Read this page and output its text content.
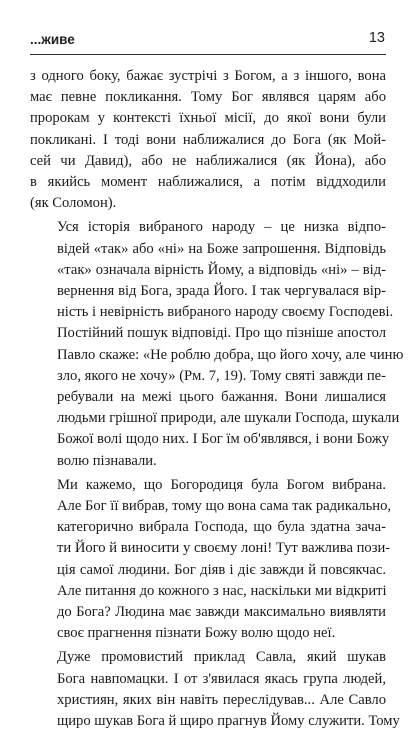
...живе	13

з одного боку, бажає зустрічі з Богом, а з іншого, вона
має певне покликання. Тому Бог являвся царям або
пророкам у контексті їхньої місії, до якої вони були
покликані. І тоді вони наближалися до Бога (як Мой-
сей чи Давид), або не наближалися (як Йона), або
в якийсь момент наближалися, а потім віддходили
(як Соломон).

Уся історія вибраного народу – це низка відпо-
відей «так» або «ні» на Боже запрошення. Відповідь
«так» означала вірність Йому, а відповідь «ні» – від-
вернення від Бога, зрада Його. І так чергувалася вір-
ність і невірність вибраного народу своєму Господеві.
Постійний пошук відповіді. Про що пізніше апостол
Павло скаже: «Не роблю добра, що його хочу, але чиню
зло, якого не хочу» (Рм. 7, 19). Тому святі завжди пе-
ребували на межі цього бажання. Вони лишалися
людьми грішної природи, але шукали Господа, шукали
Божої волі щодо них. І Бог їм об'являвся, і вони Божу
волю пізнавали.

Ми кажемо, що Богородиця була Богом вибрана.
Але Бог її вибрав, тому що вона сама так радикально,
категорично вибрала Господа, що була здатна зача-
ти Його й виносити у своєму лоні! Тут важлива пози-
ція самої людини. Бог діяв і діє завжди й повсякчас.
Але питання до кожного з нас, наскільки ми відкриті
до Бога? Людина має завжди максимально виявляти
своє прагнення пізнати Божу волю щодо неї.

Дуже промовистий приклад Савла, який шукав
Бога навпомацки. І от з'явилася якась група людей,
християн, яких він навіть переслідував... Але Савло
щиро шукав Бога й щиро прагнув Йому служити. Тому
